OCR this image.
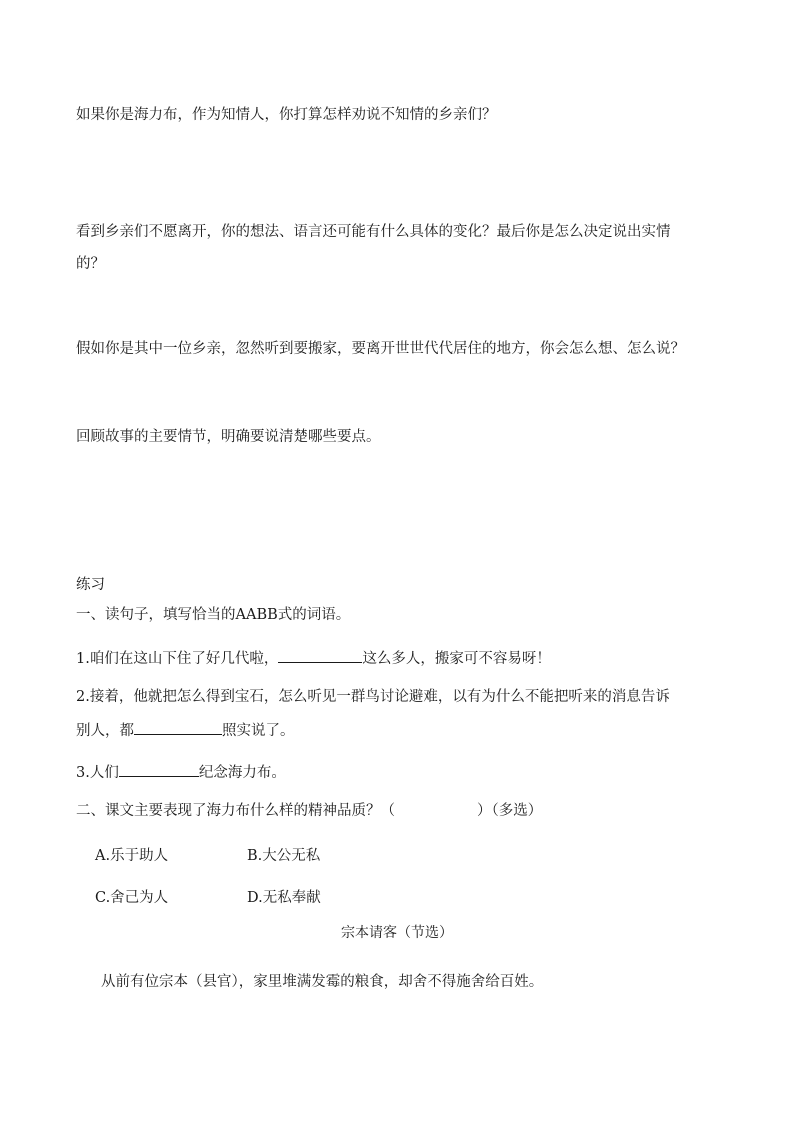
如果你是海力布，作为知情人，你打算怎样劝说不知情的乡亲们？
看到乡亲们不愿离开，你的想法、语言还可能有什么具体的变化？最后你是怎么决定说出实情
的？
假如你是其中一位乡亲，忽然听到要搬家，要离开世世代代居住的地方，你会怎么想、怎么说？
回顾故事的主要情节，明确要说清楚哪些要点。
练习
一、读句子，填写恰当的AABB式的词语。
1.咱们在这山下住了好几代啦，	这么多人，搬家可不容易呀！
2.接着，他就把怎么得到宝石，怎么听见一群鸟讨论避难，以有为什么不能把听来的消息告诉
别人，都	照实说了。
3.人们	纪念海力布。
二、课文主要表现了海力布什么样的精神品质？（	）（多选）
A.乐于助人	B.大公无私
C.舍己为人	D.无私奉献
宗本请客（节选）
从前有位宗本（县官），家里堆满发霉的粮食，却舍不得施舍给百姓。
